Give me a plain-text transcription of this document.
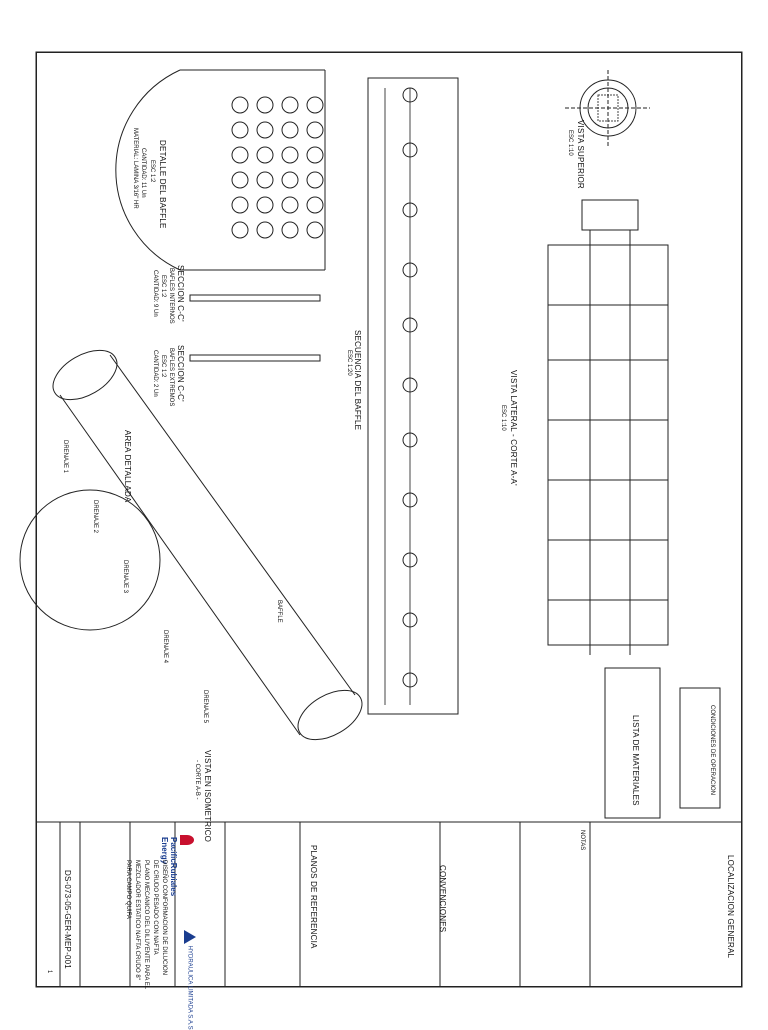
VISTA SUPERIOR
ESC 1:10
DETALLE DEL BAFFLE
ESC 1:2
CANTIDAD: 11 Un
MATERIAL: LAMINA 3/16" HR
SECCION C-C'
BAFLES INTERNOS
ESC 1:2
CANTIDAD: 9 Un
SECCION C-C'
BAFLES EXTREMOS
ESC 1:2
CANTIDAD: 2 Un	SECUENCIA DEL BAFFLE
ESC 1:20
VISTA LATERAL - CORTE A-A'
ESC 1:10
VISTA EN ISOMETRICO
- CORTE A-B -
AREA DETALLADA
BAFFLE
DRENAJE 1
DRENAJE 2
DRENAJE 3
DRENAJE 4
DRENAJE 5
LISTA DE MATERIALES	CONDICIONES DE OPERACION
LOCALIZACION GENERAL
NOTAS
CONVENCIONES
PLANOS DE REFERENCIA
PacificRubiales Energy
HYDRAULICA LIMITADA S.A.S
DISEÑO CONFORMACION DE DILUCION
DE CRUDO PESADO CON NAFTA
PLANO MECANICO DEL DILUYENTE PARA EL
MEZCLADOR ESTATICO NAFTA CRUDO 8"
PARA CAMPO QUIFA
DS-073-05-GER-MEP-001
1
